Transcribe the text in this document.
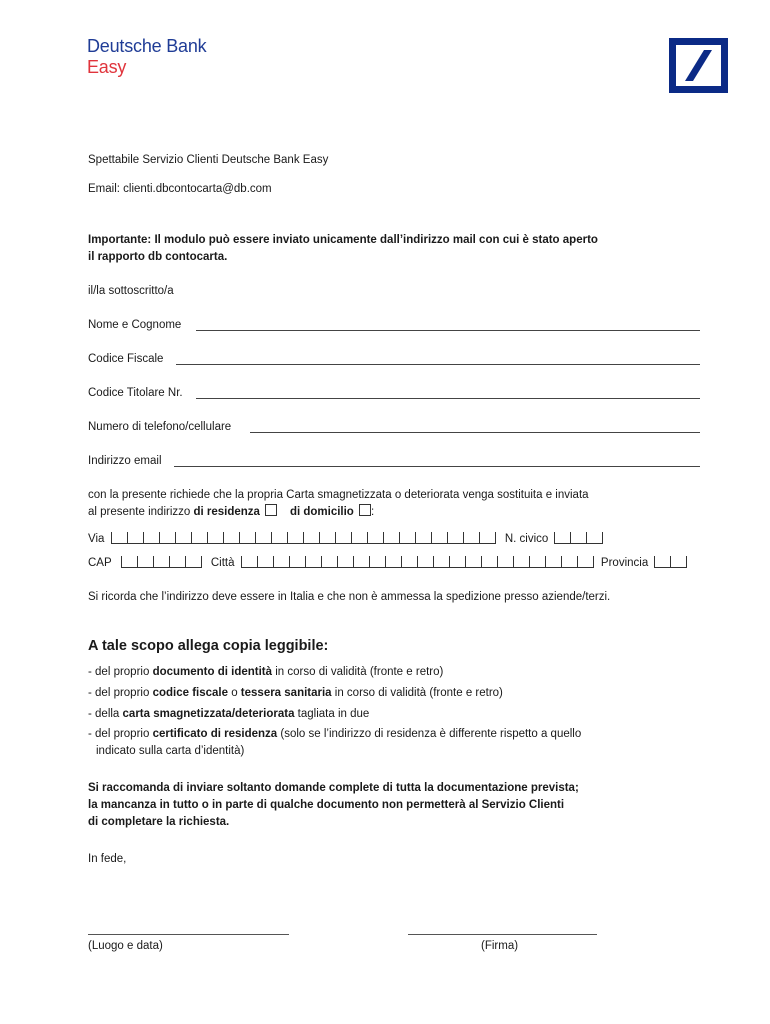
Deutsche Bank
Easy
Spettabile Servizio Clienti Deutsche Bank Easy
Email: clienti.dbcontocarta@db.com
Importante: Il modulo può essere inviato unicamente dall’indirizzo mail con cui è stato aperto
il rapporto db contocarta.
il/la sottoscritto/a
Nome e Cognome
Codice Fiscale
Codice Titolare Nr.
Numero di telefono/cellulare
Indirizzo email
con la presente richiede che la propria Carta smagnetizzata o deteriorata venga sostituita e inviata
al presente indirizzo di residenza	di domicilio :
Via	N. civico
CAP	Città	Provincia
Si ricorda che l’indirizzo deve essere in Italia e che non è ammessa la spedizione presso aziende/terzi.
A tale scopo allega copia leggibile:
- del proprio documento di identità in corso di validità (fronte e retro)
- del proprio codice fiscale o tessera sanitaria in corso di validità (fronte e retro)
- della carta smagnetizzata/deteriorata tagliata in due
- del proprio certificato di residenza (solo se l’indirizzo di residenza è differente rispetto a quello
indicato sulla carta d’identità)
Si raccomanda di inviare soltanto domande complete di tutta la documentazione prevista;
la mancanza in tutto o in parte di qualche documento non permetterà al Servizio Clienti
di completare la richiesta.
In fede,
(Luogo e data)	(Firma)
